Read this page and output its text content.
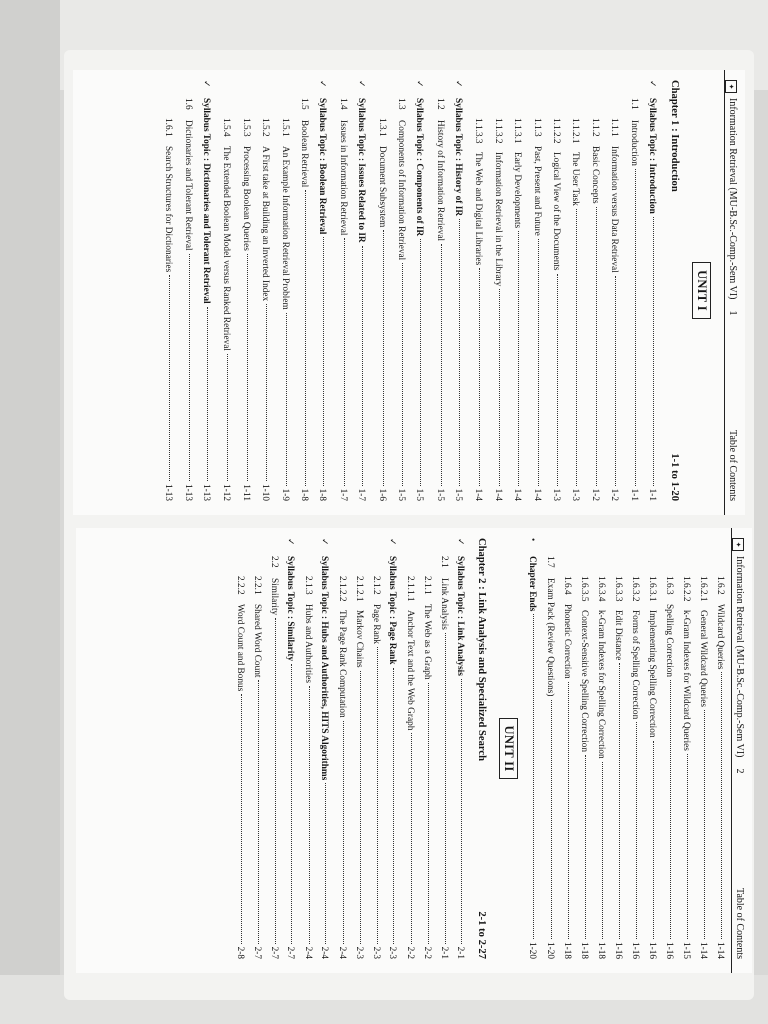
✦
Information Retrieval (MU-B.Sc.-Comp.-Sem VI)
1
Table of Contents
UNIT I
Chapter 1 : Introduction
1-1 to 1-20
✓
Syllabus Topic : Introduction
1-1
1.1
Introduction
1-1
1.1.1
Information versus Data Retrieval
1-2
1.1.2
Basic Concepts
1-2
1.1.2.1
The User Task
1-3
1.1.2.2
Logical View of the Documents
1-3
1.1.3
Past, Present and Future
1-4
1.1.3.1
Early Developments
1-4
1.1.3.2
Information Retrieval in the Library
1-4
1.1.3.3
The Web and Digital Libraries
1-4
✓
Syllabus Topic : History of IR
1-5
1.2
History of Information Retrieval
1-5
✓
Syllabus Topic : Components of IR
1-5
1.3
Components of Information Retrieval
1-5
1.3.1
Document Subsystem
1-6
✓
Syllabus Topic : Issues Related to IR
1-7
1.4
Issues in Information Retrieval
1-7
✓
Syllabus Topic : Boolean Retrieval
1-8
1.5
Boolean Retrieval
1-8
1.5.1
An Example Information Retrieval Problem
1-9
1.5.2
A First take at Building an Inverted Index
1-10
1.5.3
Processing Boolean Queries
1-11
1.5.4
The Extended Boolean Model versus Ranked Retrieval
1-12
✓
Syllabus Topic : Dictionaries and Tolerant Retrieval
1-13
1.6
Dictionaries and Tolerant Retrieval
1-13
1.6.1
Search Structures for Dictionaries
1-13
✦
Information Retrieval (MU-B.Sc.-Comp.-Sem VI)
2
Table of Contents
1.6.2
Wildcard Queries
1-14
1.6.2.1
General Wildcard Queries
1-14
1.6.2.2
k-Gram Indexes for Wildcard Queries
1-15
1.6.3
Spelling Correction
1-16
1.6.3.1
Implementing Spelling Correction
1-16
1.6.3.2
Forms of Spelling Correction
1-16
1.6.3.3
Edit Distance
1-16
1.6.3.4
k-Gram Indexes for Spelling Correction
1-18
1.6.3.5
Context-Sensitive Spelling Correction
1-18
1.6.4
Phonetic Correction
1-18
1.7
Exam Pack (Review Questions)
1-20
•
Chapter Ends
1-20
UNIT II
Chapter 2 : Link Analysis and Specialized Search
2-1 to 2-27
✓
Syllabus Topic : Link Analysis
2-1
2.1
Link Analysis
2-1
2.1.1
The Web as a Graph
2-2
2.1.1.1
Anchor Text and the Web Graph
2-2
✓
Syllabus Topic : Page Rank
2-3
2.1.2
Page Rank
2-3
2.1.2.1
Markov Chains
2-3
2.1.2.2
The Page Rank Computation
2-4
✓
Syllabus Topic : Hubs and Authorities, HITS Algorithms
2-4
2.1.3
Hubs and Authorities
2-4
✓
Syllabus Topic : Similarity
2-7
2.2
Similarity
2-7
2.2.1
Shared Word Count
2-7
2.2.2
Word Count and Bonus
2-8
